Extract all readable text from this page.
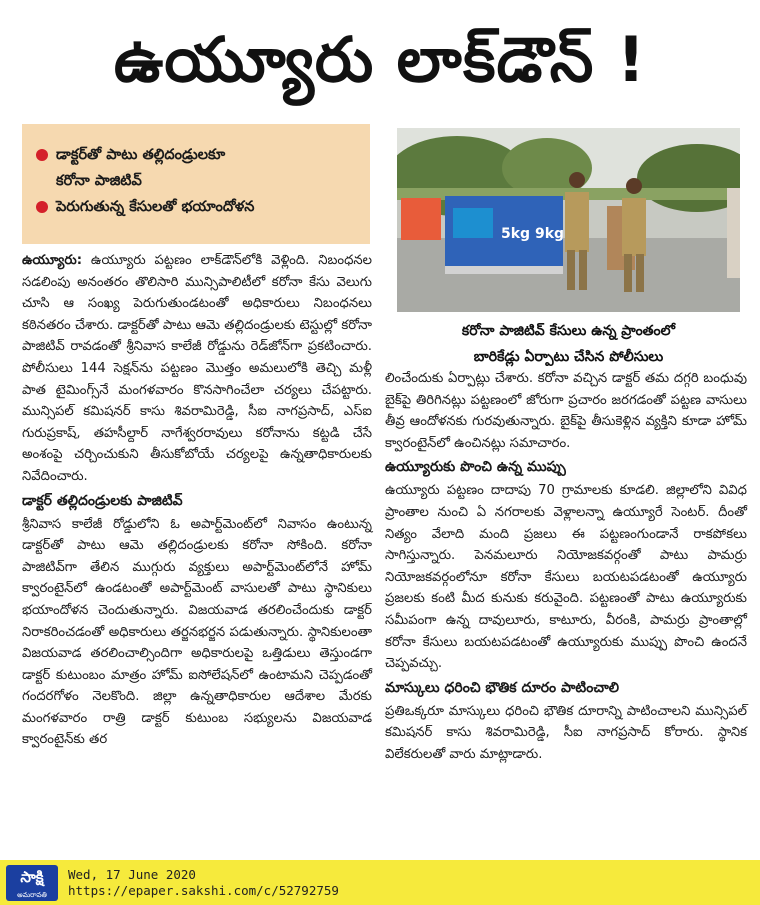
ఉయ్యూరు లాక్‌డౌన్‌ !
డాక్టర్‌తో పాటు తల్లిదండ్రులకూ
కరోనా పాజిటివ్‌
పెరుగుతున్న కేసులతో భయాందోళన
5kg 9kg
కరోనా పాజిటివ్‌ కేసులు ఉన్న ప్రాంతంలో
బారికేడ్లు ఏర్పాటు చేసిన పోలీసులు

ఉయ్యూరు: ఉయ్యూరు పట్టణం లాక్‌డౌన్‌లోకి వెళ్లింది. నిబంధనల సడలింపు అనంతరం తొలిసారి మున్సిపాలిటీలో కరోనా కేసు వెలుగు చూసి ఆ సంఖ్య పెరుగుతుండటంతో అధికారులు నిబంధనలు కఠినతరం చేశారు. డాక్టర్‌తో పాటు ఆమె తల్లిదండ్రులకు టెస్టుల్లో కరోనా పాజిటివ్‌ రావడంతో శ్రీనివాస కాలేజీ రోడ్డును రెడ్‌జోన్‌గా ప్రకటించారు. పోలీసులు 144 సెక్షన్‌ను పట్టణం మొత్తం అమలులోకి తెచ్చి మళ్లీ పాత టైమింగ్స్‌నే మంగళవారం కొనసాగించేలా చర్యలు చేపట్టారు. మున్సిపల్‌ కమిషనర్‌ కాసు శివరామిరెడ్డి, సీఐ నాగప్రసాద్‌, ఎస్‌ఐ గురుప్రకాష్‌, తహసీల్దార్‌ నాగేశ్వరరావులు కరోనాను కట్టడి చేసే అంశంపై చర్చించుకుని తీసుకోబోయే చర్యలపై ఉన్నతాధికారులకు నివేదించారు.

డాక్టర్‌ తల్లిదండ్రులకు పాజిటివ్‌

శ్రీనివాస కాలేజీ రోడ్డులోని ఓ అపార్ట్‌మెంట్‌లో నివాసం ఉంటున్న డాక్టర్‌తో పాటు ఆమె తల్లిదండ్రులకు కరోనా సోకింది. కరోనా పాజిటివ్‌గా తేలిన ముగ్గురు వ్యక్తులు అపార్ట్‌మెంట్‌లోనే హోమ్‌ క్వారంటైన్‌లో ఉండటంతో అపార్ట్‌మెంట్‌ వాసులతో పాటు స్థానికులు భయాందోళన చెందుతున్నారు. విజయవాడ తరలించేందుకు డాక్టర్‌ నిరాకరించడంతో అధికారులు తర్జనభర్జన పడుతున్నారు. స్థానికులంతా విజయవాడ తరలించాల్సిందిగా అధికారులపై ఒత్తిడులు తెస్తుండగా డాక్టర్‌ కుటుంబం మాత్రం హోమ్‌ ఐసోలేషన్‌లో ఉంటామని చెప్పడంతో గందరగోళం నెలకొంది. జిల్లా ఉన్నతాధికారుల ఆదేశాల మేరకు మంగళవారం రాత్రి డాక్టర్‌ కుటుంబ సభ్యులను విజయవాడ క్వారంటైన్‌కు తర

లించేందుకు ఏర్పాట్లు చేశారు. కరోనా వచ్చిన డాక్టర్‌ తమ దగ్గరి బంధువు బైక్‌పై తిరిగినట్లు పట్టణంలో జోరుగా ప్రచారం జరగడంతో పట్టణ వాసులు తీవ్ర ఆందోళనకు గురవుతున్నారు. బైక్‌పై తీసుకెళ్లిన వ్యక్తిని కూడా హోమ్‌ క్వారంటైన్‌లో ఉంచినట్లు సమాచారం.

ఉయ్యూరుకు పొంచి ఉన్న ముప్పు

ఉయ్యూరు పట్టణం దాదాపు 70 గ్రామాలకు కూడలి. జిల్లాలోని వివిధ ప్రాంతాల నుంచి ఏ నగరాలకు వెళ్లాలన్నా ఉయ్యూరే సెంటర్‌. దీంతో నిత్యం వేలాది మంది ప్రజలు ఈ పట్టణంగుండానే రాకపోకలు సాగిస్తున్నారు. పెనమలూరు నియోజకవర్గంతో పాటు పామర్రు నియోజకవర్గంలోనూ కరోనా కేసులు బయటపడటంతో ఉయ్యూరు ప్రజలకు కంటి మీద కునుకు కరువైంది. పట్టణంతో పాటు ఉయ్యూరుకు సమీపంగా ఉన్న దావులూరు, కాటూరు, వీరంకి, పామర్రు ప్రాంతాల్లో కరోనా కేసులు బయటపడటంతో ఉయ్యూరుకు ముప్పు పొంచి ఉందనే చెప్పవచ్చు.

మాస్కులు ధరించి భౌతిక దూరం పాటించాలి

ప్రతిఒక్కరూ మాస్కులు ధరించి భౌతిక దూరాన్ని పాటించాలని మున్సిపల్‌ కమిషనర్‌ కాసు శివరామిరెడ్డి, సీఐ నాగప్రసాద్‌ కోరారు. స్థానిక విలేకరులతో వారు మాట్లాడారు.

సాక్షి
అమరావతి
Wed, 17 June 2020
https://epaper.sakshi.com/c/52792759
